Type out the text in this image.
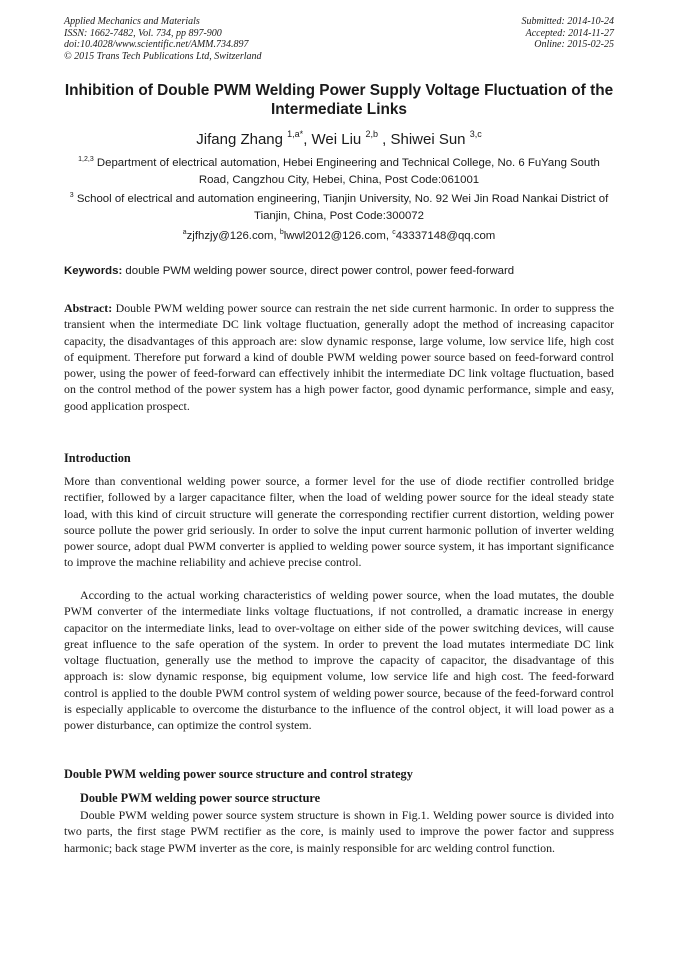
Applied Mechanics and Materials
ISSN: 1662-7482, Vol. 734, pp 897-900
doi:10.4028/www.scientific.net/AMM.734.897
© 2015 Trans Tech Publications Ltd, Switzerland
Submitted: 2014-10-24
Accepted: 2014-11-27
Online: 2015-02-25
Inhibition of Double PWM Welding Power Supply Voltage Fluctuation of the Intermediate Links
Jifang Zhang $^{1,a*}$, Wei Liu $^{2,b}$ , Shiwei Sun $^{3,c}$
$^{1,2,3}$ Department of electrical automation, Hebei Engineering and Technical College, No. 6 FuYang South Road, Cangzhou City, Hebei, China, Post Code:061001
$^3$ School of electrical and automation engineering, Tianjin University, No. 92 Wei Jin Road Nankai District of Tianjin, China, Post Code:300072
$^a$zjfhzjy@126.com, $^b$lwwl2012@126.com, $^c$43337148@qq.com
Keywords: double PWM welding power source, direct power control, power feed-forward
Abstract: Double PWM welding power source can restrain the net side current harmonic. In order to suppress the transient when the intermediate DC link voltage fluctuation, generally adopt the method of increasing capacitor capacity, the disadvantages of this approach are: slow dynamic response, large volume, low service life, high cost of equipment. Therefore put forward a kind of double PWM welding power source based on feed-forward control power, using the power of feed-forward can effectively inhibit the intermediate DC link voltage fluctuation, based on the control method of the power system has a high power factor, good dynamic performance, simple and easy, good application prospect.
Introduction
More than conventional welding power source, a former level for the use of diode rectifier controlled bridge rectifier, followed by a larger capacitance filter, when the load of welding power source for the ideal steady state load, with this kind of circuit structure will generate the corresponding rectifier current distortion, welding power source pollute the power grid seriously. In order to solve the input current harmonic pollution of inverter welding power source, adopt dual PWM converter is applied to welding power source system, it has important significance to improve the machine reliability and achieve precise control.
According to the actual working characteristics of welding power source, when the load mutates, the double PWM converter of the intermediate links voltage fluctuations, if not controlled, a dramatic increase in energy capacitor on the intermediate links, lead to over-voltage on either side of the power switching devices, will cause great influence to the safe operation of the system. In order to prevent the load mutates intermediate DC link voltage fluctuation, generally use the method to improve the capacity of capacitor, the disadvantage of this approach is: slow dynamic response, big equipment volume, low service life and high cost. The feed-forward control is applied to the double PWM control system of welding power source, because of the feed-forward control is especially applicable to overcome the disturbance to the influence of the control object, it will load power as a power disturbance, can optimize the control system.
Double PWM welding power source structure and control strategy
Double PWM welding power source structure
Double PWM welding power source system structure is shown in Fig.1. Welding power source is divided into two parts, the first stage PWM rectifier as the core, is mainly used to improve the power factor and suppress harmonic; back stage PWM inverter as the core, is mainly responsible for arc welding control function.
